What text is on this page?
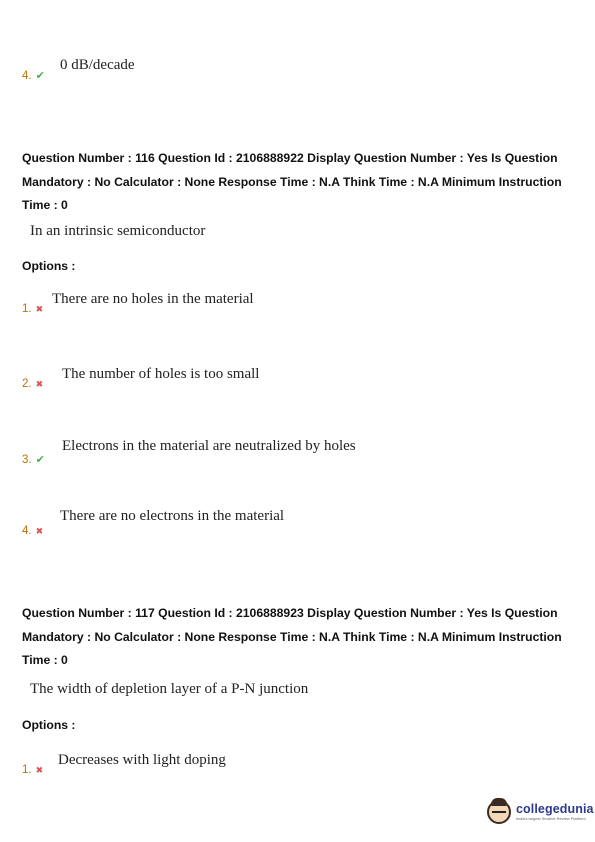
4. ✔
0 dB/decade
Question Number : 116 Question Id : 2106888922 Display Question Number : Yes Is Question Mandatory : No Calculator : None Response Time : N.A Think Time : N.A Minimum Instruction Time : 0
In an intrinsic semiconductor
Options :
1. ✖
There are no holes in the material
2. ✖
The number of holes is too small
3. ✔
Electrons in the material are neutralized by holes
4. ✖
There are no electrons in the material
Question Number : 117 Question Id : 2106888923 Display Question Number : Yes Is Question Mandatory : No Calculator : None Response Time : N.A Think Time : N.A Minimum Instruction Time : 0
The width of depletion layer of a P-N junction
Options :
1. ✖
Decreases with light doping
collegedunia
India's largest Student Review Platform
